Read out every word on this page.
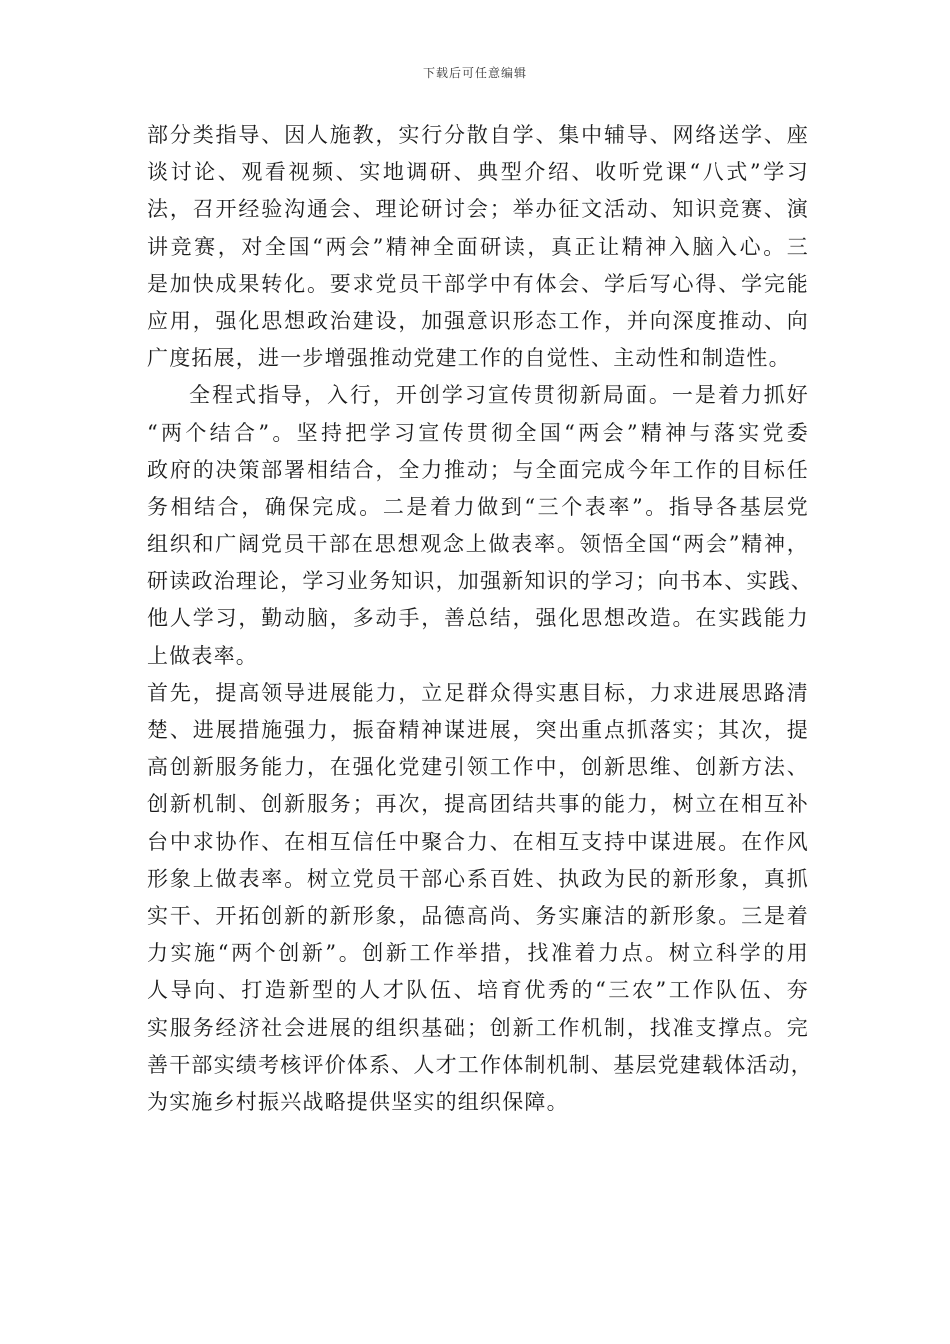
下载后可任意编辑
部分类指导、因人施教，实行分散自学、集中辅导、网络送学、座
谈讨论、观看视频、实地调研、典型介绍、收听党课“八式”学习
法，召开经验沟通会、理论研讨会；举办征文活动、知识竞赛、演
讲竞赛，对全国“两会”精神全面研读，真正让精神入脑入心。三
是加快成果转化。要求党员干部学中有体会、学后写心得、学完能
应用，强化思想政治建设，加强意识形态工作，并向深度推动、向
广度拓展，进一步增强推动党建工作的自觉性、主动性和制造性。
全程式指导，入行，开创学习宣传贯彻新局面。一是着力抓好
“两个结合”。坚持把学习宣传贯彻全国“两会”精神与落实党委
政府的决策部署相结合，全力推动；与全面完成今年工作的目标任
务相结合，确保完成。二是着力做到“三个表率”。指导各基层党
组织和广阔党员干部在思想观念上做表率。领悟全国“两会”精神，
研读政治理论，学习业务知识，加强新知识的学习；向书本、实践、
他人学习，勤动脑，多动手，善总结，强化思想改造。在实践能力
上做表率。
首先，提高领导进展能力，立足群众得实惠目标，力求进展思路清
楚、进展措施强力，振奋精神谋进展，突出重点抓落实；其次，提
高创新服务能力，在强化党建引领工作中，创新思维、创新方法、
创新机制、创新服务；再次，提高团结共事的能力，树立在相互补
台中求协作、在相互信任中聚合力、在相互支持中谋进展。在作风
形象上做表率。树立党员干部心系百姓、执政为民的新形象，真抓
实干、开拓创新的新形象，品德高尚、务实廉洁的新形象。三是着
力实施“两个创新”。创新工作举措，找准着力点。树立科学的用
人导向、打造新型的人才队伍、培育优秀的“三农”工作队伍、夯
实服务经济社会进展的组织基础；创新工作机制，找准支撑点。完
善干部实绩考核评价体系、人才工作体制机制、基层党建载体活动，
为实施乡村振兴战略提供坚实的组织保障。
